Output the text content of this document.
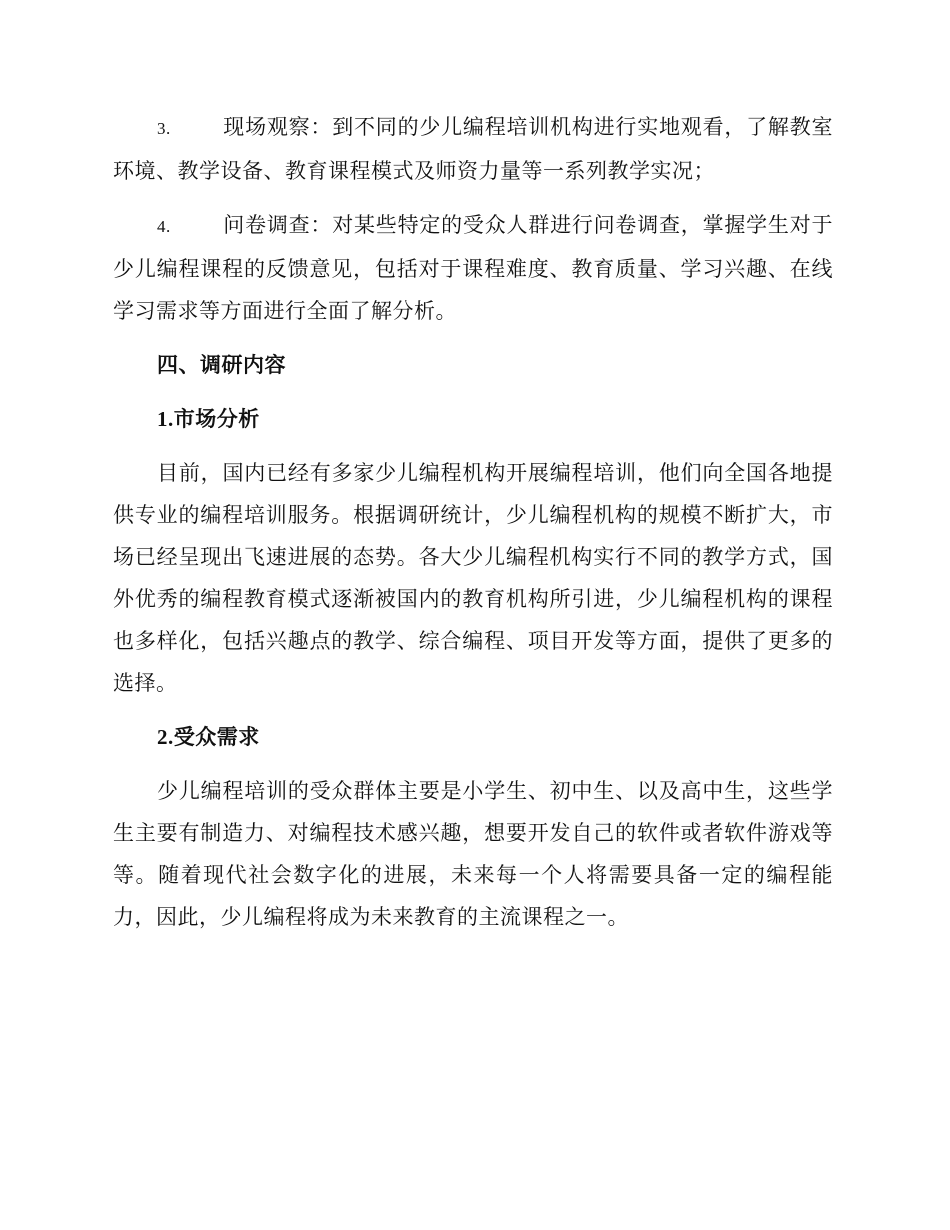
3. 现场观察：到不同的少儿编程培训机构进行实地观看，了解教室环境、教学设备、教育课程模式及师资力量等一系列教学实况；

4. 问卷调查：对某些特定的受众人群进行问卷调查，掌握学生对于少儿编程课程的反馈意见，包括对于课程难度、教育质量、学习兴趣、在线学习需求等方面进行全面了解分析。

四、调研内容
1.市场分析

目前，国内已经有多家少儿编程机构开展编程培训，他们向全国各地提供专业的编程培训服务。根据调研统计，少儿编程机构的规模不断扩大，市场已经呈现出飞速进展的态势。各大少儿编程机构实行不同的教学方式，国外优秀的编程教育模式逐渐被国内的教育机构所引进，少儿编程机构的课程也多样化，包括兴趣点的教学、综合编程、项目开发等方面，提供了更多的选择。

2.受众需求

少儿编程培训的受众群体主要是小学生、初中生、以及高中生，这些学生主要有制造力、对编程技术感兴趣，想要开发自己的软件或者软件游戏等等。随着现代社会数字化的进展，未来每一个人将需要具备一定的编程能力，因此，少儿编程将成为未来教育的主流课程之一。
